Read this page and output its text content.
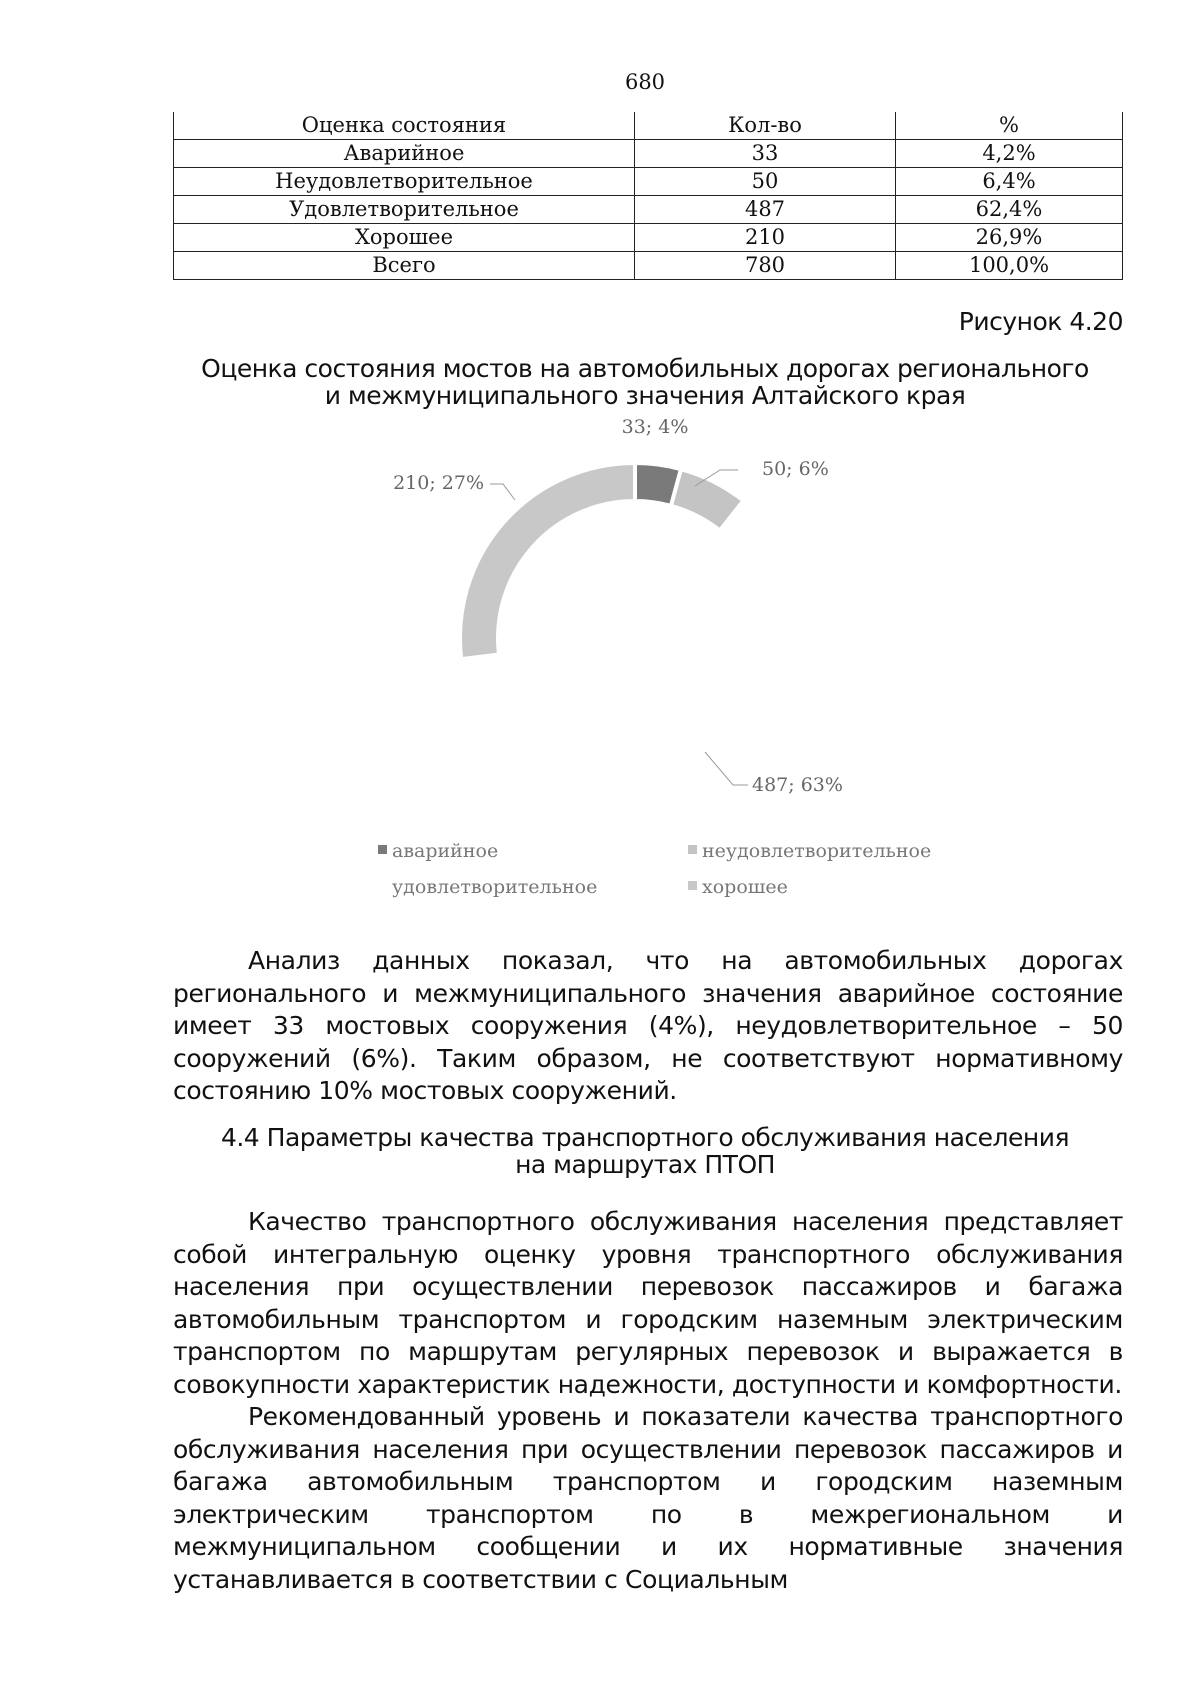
680
Оценка состояния	Кол-во	%
Аварийное	33	4,2%
Неудовлетворительное	50	6,4%
Удовлетворительное	487	62,4%
Хорошее	210	26,9%
Всего	780	100,0%
Рисунок 4.20
Оценка состояния мостов на автомобильных дорогах регионального
и межмуниципального значения Алтайского края
33; 4%
50; 6%
487; 63%
210; 27%
аварийное	неудовлетворительное
удовлетворительное	хорошее

Анализ данных показал, что на автомобильных дорогах регионального и межмуниципального значения аварийное состояние имеет 33 мостовых сооружения (4%), неудовлетворительное – 50 сооружений (6%). Таким образом, не соответствуют нормативному состоянию 10% мостовых сооружений.

4.4 Параметры качества транспортного обслуживания населения
на маршрутах ПТОП

Качество транспортного обслуживания населения представляет собой интегральную оценку уровня транспортного обслуживания населения при осуществлении перевозок пассажиров и багажа автомобильным транспортом и городским наземным электрическим транспортом по маршрутам регулярных перевозок и выражается в совокупности характеристик надежности, доступности и комфортности.

Рекомендованный уровень и показатели качества транспортного обслуживания населения при осуществлении перевозок пассажиров и багажа автомобильным транспортом и городским наземным электрическим транспортом по в межрегиональном и межмуниципальном сообщении и их нормативные значения устанавливается в соответствии с Социальным
